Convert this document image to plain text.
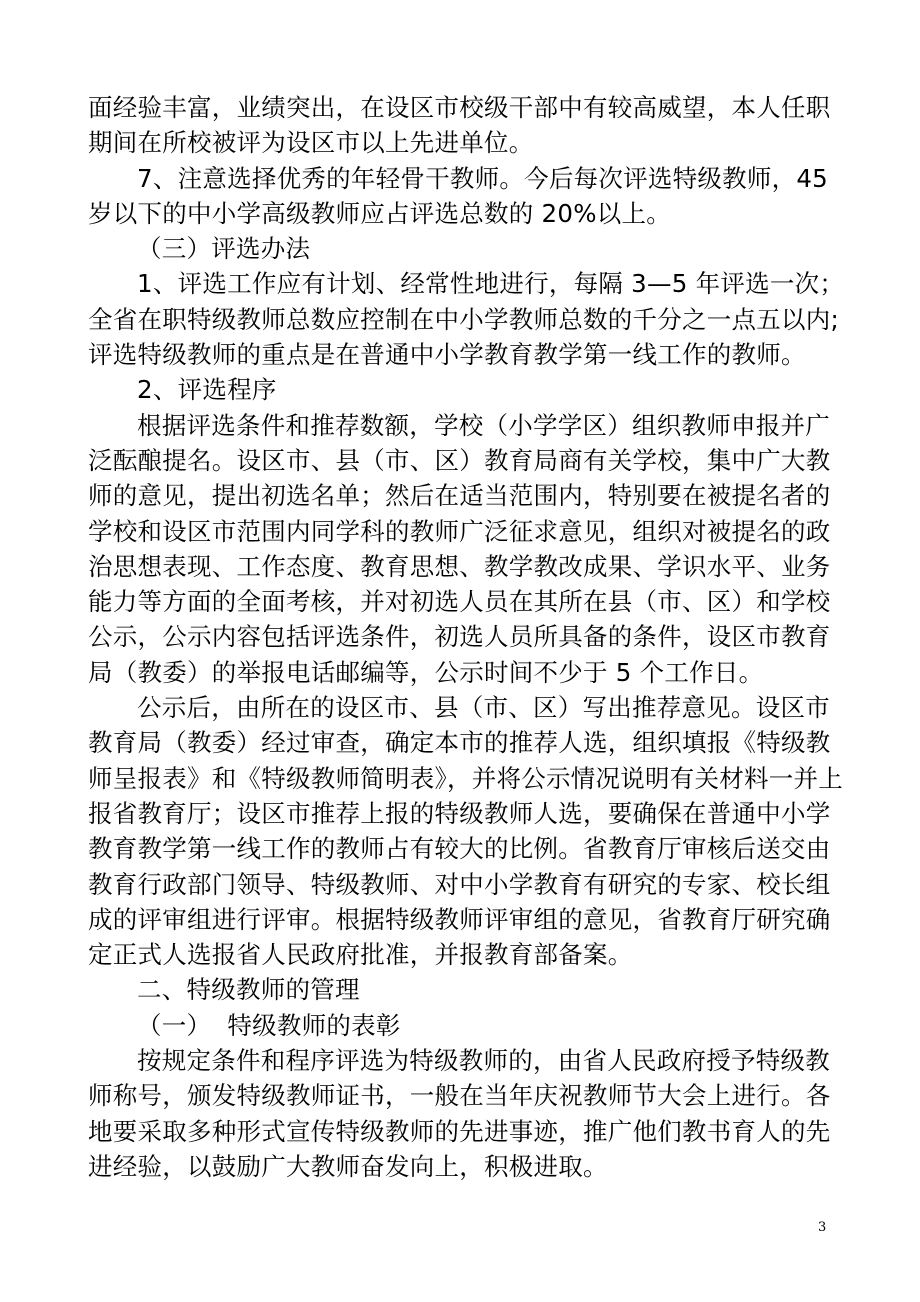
面经验丰富，业绩突出，在设区市校级干部中有较高威望，本人任职
期间在所校被评为设区市以上先进单位。
7、注意选择优秀的年轻骨干教师。今后每次评选特级教师，45
岁以下的中小学高级教师应占评选总数的 20%以上。
（三）评选办法
1、评选工作应有计划、经常性地进行，每隔 3—5 年评选一次；
全省在职特级教师总数应控制在中小学教师总数的千分之一点五以内;
评选特级教师的重点是在普通中小学教育教学第一线工作的教师。
2、评选程序
根据评选条件和推荐数额，学校（小学学区）组织教师申报并广
泛酝酿提名。设区市、县（市、区）教育局商有关学校，集中广大教
师的意见，提出初选名单；然后在适当范围内，特别要在被提名者的
学校和设区市范围内同学科的教师广泛征求意见，组织对被提名的政
治思想表现、工作态度、教育思想、教学教改成果、学识水平、业务
能力等方面的全面考核，并对初选人员在其所在县（市、区）和学校
公示，公示内容包括评选条件，初选人员所具备的条件，设区市教育
局（教委）的举报电话邮编等，公示时间不少于 5 个工作日。
公示后，由所在的设区市、县（市、区）写出推荐意见。设区市
教育局（教委）经过审查，确定本市的推荐人选，组织填报《特级教
师呈报表》和《特级教师简明表》，并将公示情况说明有关材料一并上
报省教育厅；设区市推荐上报的特级教师人选，要确保在普通中小学
教育教学第一线工作的教师占有较大的比例。省教育厅审核后送交由
教育行政部门领导、特级教师、对中小学教育有研究的专家、校长组
成的评审组进行评审。根据特级教师评审组的意见，省教育厅研究确
定正式人选报省人民政府批准，并报教育部备案。
二、特级教师的管理
（一）  特级教师的表彰
按规定条件和程序评选为特级教师的，由省人民政府授予特级教
师称号，颁发特级教师证书，一般在当年庆祝教师节大会上进行。各
地要采取多种形式宣传特级教师的先进事迹，推广他们教书育人的先
进经验，以鼓励广大教师奋发向上，积极进取。
3
